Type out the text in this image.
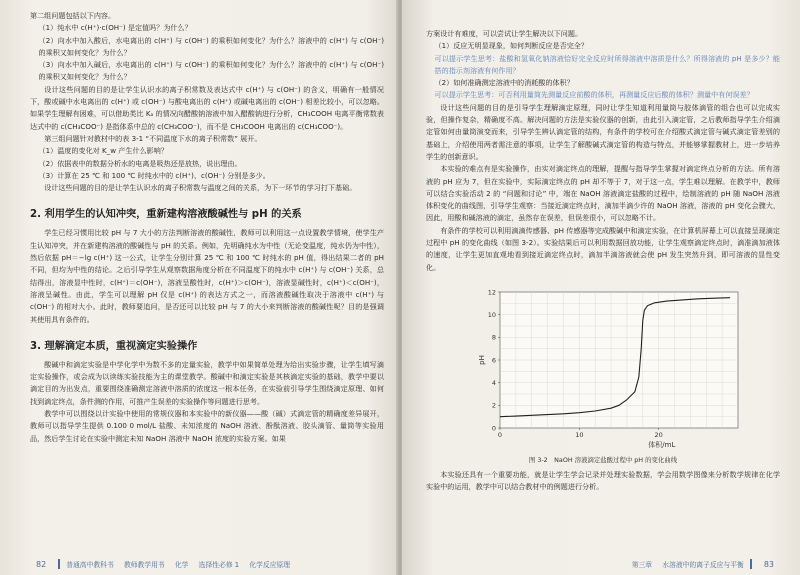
第二组问题包括以下内容。

（1）纯水中 c(H⁺)·c(OH⁻) 是定值吗？为什么？

（2）向水中加入酸后，水电离出的 c(H⁺) 与 c(OH⁻) 的乘积如何变化？为什么？溶液中的 c(H⁺) 与 c(OH⁻) 的乘积又如何变化？为什么？

（3）向水中加入碱后，水电离出的 c(H⁺) 与 c(OH⁻) 的乘积如何变化？为什么？溶液中的 c(H⁺) 与 c(OH⁻) 的乘积又如何变化？为什么？

设计这些问题的目的是让学生认识水的离子积常数及表达式中 c(H⁺) 与 c(OH⁻) 的含义，明确有一般情况下，酸或碱中水电离出的 c(H⁺) 或 c(OH⁻) 与酸电离出的 c(H⁺) 或碱电离出的 c(OH⁻) 相差比较小，可以忽略。如果学生理解有困难，可以借助类比 Kₐ 的情况向醋酸钠溶液中加入醋酸钠进行分析，CH₃COOH 电离平衡常数表达式中的 c(CH₃COO⁻) 是指体系中总的 c(CH₃COO⁻)，而不是 CH₃COOH 电离出的 c(CH₃COO⁻)。

第三组问题针对教材中的表 3-1 “不同温度下水的离子积常数” 展开。

（1）温度的变化对 K_w 产生什么影响？

（2）依据表中的数据分析水的电离是吸热还是放热，说出理由。

（3）计算在 25 ℃ 和 100 ℃ 时纯水中的 c(H⁺)、c(OH⁻) 分别是多少。

设计这些问题的目的是让学生认识水的离子积常数与温度之间的关系，为下一环节的学习打下基础。

2. 利用学生的认知冲突，重新建构溶液酸碱性与 pH 的关系

学生已经习惯用比较 pH 与 7 大小的方法判断溶液的酸碱性，教师可以利用这一点设置教学情境，使学生产生认知冲突，并在新建构溶液的酸碱性与 pH 的关系。例如，先明确纯水为中性（无论变温度，纯水仍为中性），然后依据 pH＝−lg c(H⁺) 这一公式，让学生分别计算 25 ℃ 和 100 ℃ 时纯水的 pH 值，得出结果二者的 pH 不同，但均为中性的结论。之后引导学生从观察数据角度分析在不同温度下的纯水中 c(H⁺) 与 c(OH⁻) 关系，总结得出，溶液显中性时，c(H⁺)＝c(OH⁻)，溶液呈酸性时，c(H⁺)＞c(OH⁻)，溶液显碱性时，c(H⁺)＜c(OH⁻)，溶液呈碱性。由此，学生可以理解 pH 仅是 c(H⁺) 的表达方式之一，而溶液酸碱性取决于溶液中 c(H⁺) 与 c(OH⁻) 的相对大小。此时，教师要追问，是否还可以比较 pH 与 7 的大小来判断溶液的酸碱性呢？目的是强调其使用具有条件的。

3. 理解滴定本质，重视滴定实验操作

酸碱中和滴定实验是中学化学中为数不多的定量实验，教学中如果简单处理为给出实验步骤，让学生填写滴定实验操作，或会成为以读练实验技能为主的课堂教学。酸碱中和滴定实验是其核滴定实验的基础，教学中要以滴定目的为出发点，重要围绕准确测定溶液中溶质的浓度这一根本任务，在实验前引导学生围绕滴定原理、如何找到滴定终点，条件测的作用，可推产生误差的实验操作等问题进行思考。

教学中可以围绕以计实验中使用的常规仪器和本实验中的新仪器——酸（碱）式滴定管的精确度差异展开，教师可以指导学生提供 0.100 0 mol/L 盐酸、未知浓度的 NaOH 溶液、酚酞溶液、胶头滴管、量筒等实验用品，然后学生讨论在实验中测定未知 NaOH 溶液中 NaOH 浓度的实验方案。如果

82	普通高中教科书
教师教学用书
化学
选择性必修 1
化学反应原理

方案设计有难度，可以尝试让学生解决以下问题。

（1）反应无明显现象，如何判断反应是否完全？

可以提示学生思考：盐酸和氢氧化钠溶液恰好完全反应时所得溶液中溶质是什么？所得溶液的 pH 是多少？能搭的指示剂溶液有何作用？

（2）如何准确测定溶液中的消耗酸的体积？

可以提示学生思考：可否利用量筒先测量反应前酸的体积，再测量反应后酸的体积？测量中有何误差？

设计这些问题的目的是引导学生理解滴定原理，同时让学生知道利用量筒与胶体滴管的组合也可以完成实验，但操作复杂，精确度不高。解决问题的方法是实验仪器的创新，由此引入滴定管，之后教师指导学生介绍滴定管如何由量筒演变而来，引导学生辨认滴定管的结构，有条件的学校可在介绍酸式滴定管与碱式滴定管差别的基础上，介绍使用两者需注意的事项，让学生了解酸碱式滴定管的构造与特点，并能够掌握教材上，进一步培养学生的创新意识。

本实验的难点有是实验操作，由实对滴定终点的理解，提醒与指导学生掌握对滴定终点分析的方法。所有溶液的 pH 应为 7，但在实验中，实际滴定终点的 pH 却不等于 7，对于这一点，学生难以理解。在教学中，教师可以结合实验活动 2 的 “问题和讨论” 中，端在 NaOH 溶液滴定盐酸的过程中，绘制溶液的 pH 随 NaOH 溶液体积变化的曲线图，引导学生观察：当接近滴定终点时，滴加半滴少许的 NaOH 溶液，溶液的 pH 变化会骤大，因此，用酸和碱溶液的滴定，虽然存在误差，但误差很小，可以忽略不计。

有条件的学校可以利用滴滴传感器、pH 传感器等完成酸碱中和滴定实验，在计算机屏幕上可以直接呈现滴定过程中 pH 的变化曲线（如图 3-2）。实验结果后可以利用数据回放功能，让学生观察滴定终点时，滴准滴加液体的速度，让学生更加直观地看到接近滴定终点时，滴加半滴溶液就会使 pH 发生突然升到，即可溶液的显性变化。

0
2
4
6
8
10
12
0	10	20
pH
体积/mL
图 3-2　NaOH 溶液滴定盐酸过程中 pH 的变化曲线

本实验还具有一个重要功能，就是让学生学会记录并处理实验数据，学会用数学图像来分析数学规律在化学实验中的运用，教学中可以结合教材中的例题进行分析。

第三章
水溶液中的离子反应与平衡	83
